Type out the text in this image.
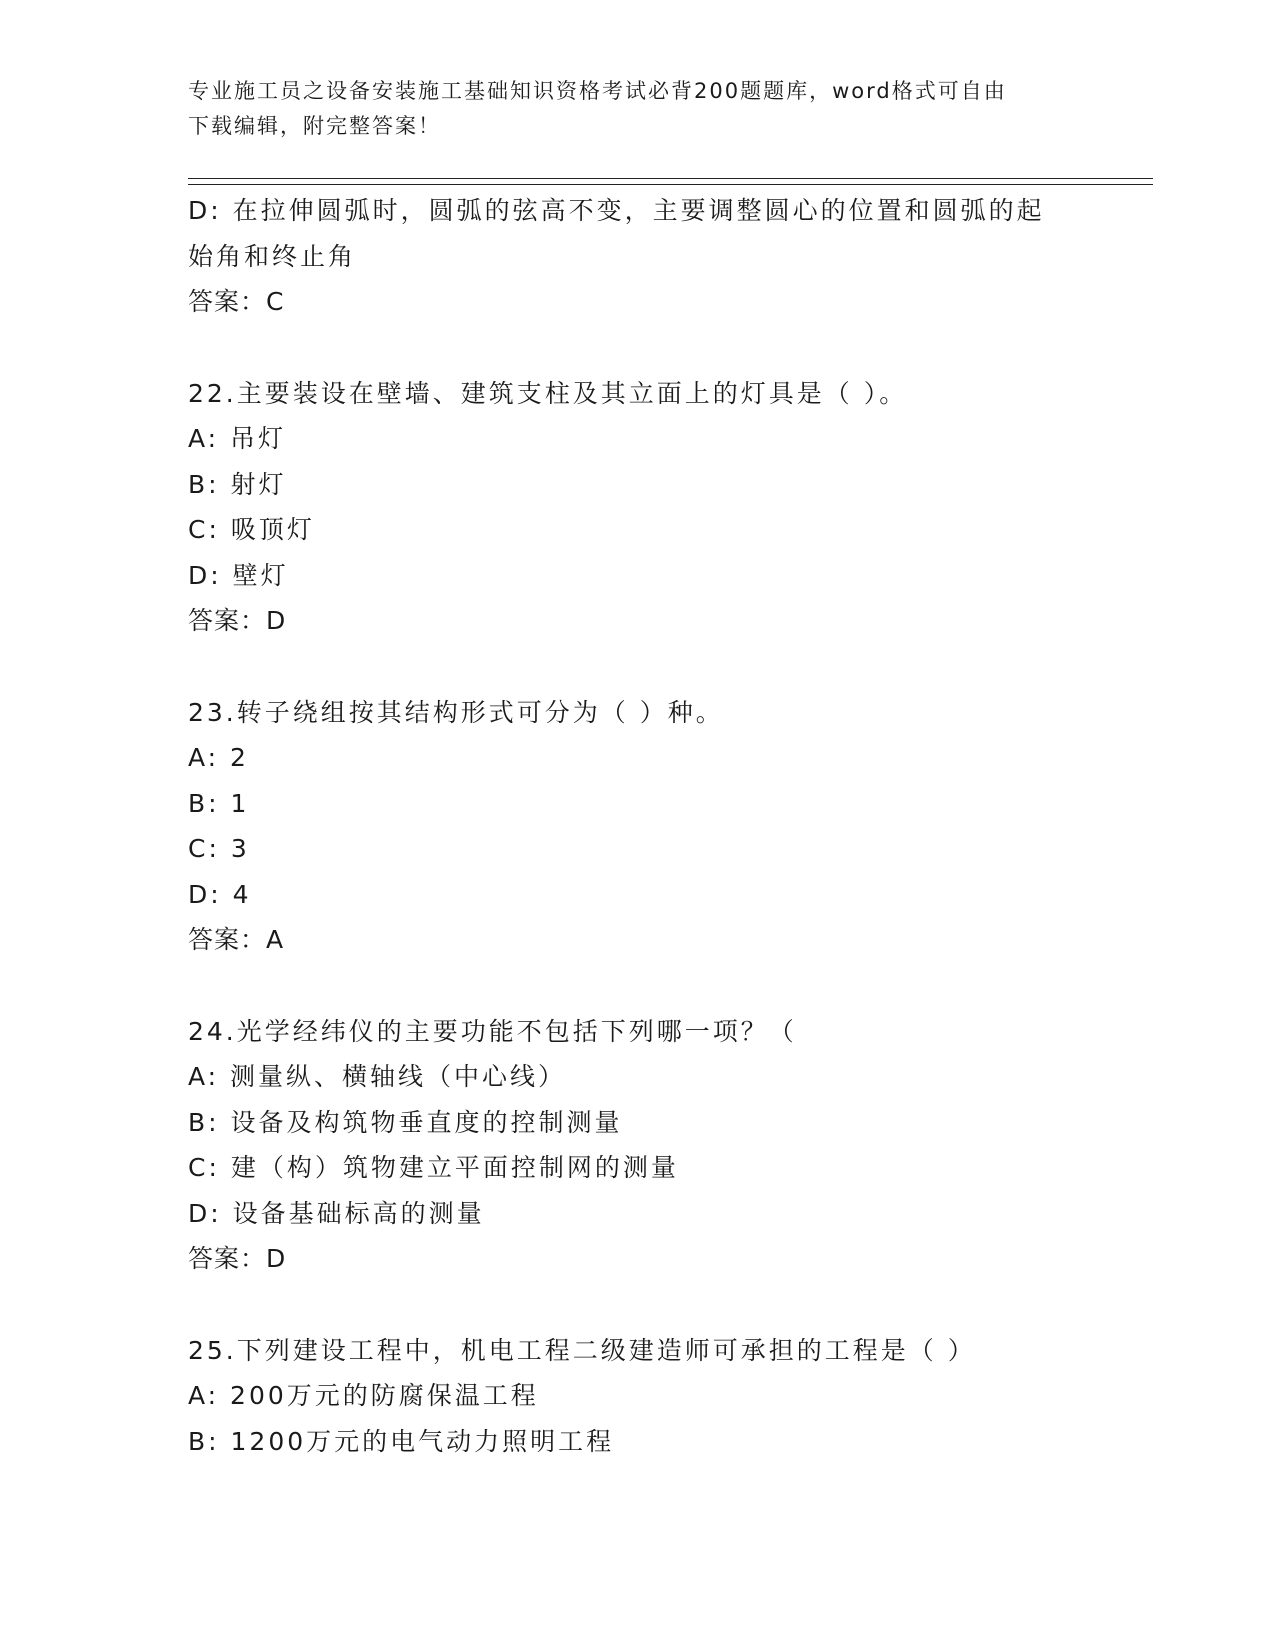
专业施工员之设备安装施工基础知识资格考试必背200题题库，word格式可自由
下载编辑，附完整答案！
D: 在拉伸圆弧时，圆弧的弦高不变，主要调整圆心的位置和圆弧的起
始角和终止角
答案：C
22.主要装设在壁墙、建筑支柱及其立面上的灯具是（ ）。
A: 吊灯
B: 射灯
C: 吸顶灯
D: 壁灯
答案：D
23.转子绕组按其结构形式可分为（ ）种。
A: 2
B: 1
C: 3
D: 4
答案：A
24.光学经纬仪的主要功能不包括下列哪一项？（
A: 测量纵、横轴线（中心线）
B: 设备及构筑物垂直度的控制测量
C: 建（构）筑物建立平面控制网的测量
D: 设备基础标高的测量
答案：D
25.下列建设工程中，机电工程二级建造师可承担的工程是（ ）
A: 200万元的防腐保温工程
B: 1200万元的电气动力照明工程
